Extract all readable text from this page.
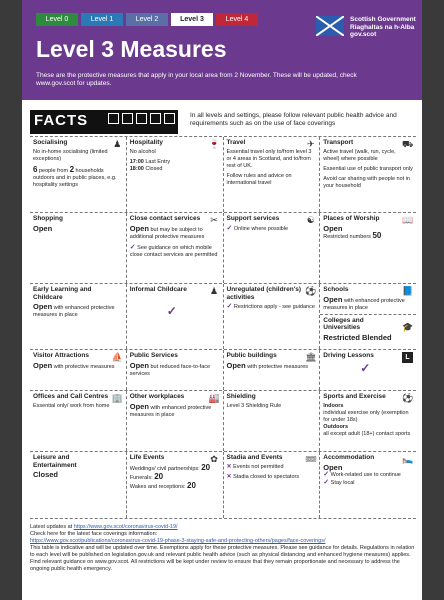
Level 0	Level 1	Level 2	Level 3	Level 4	Scottish Government
Riaghaltas na h-Alba
gov.scot
Level 3 Measures
These are the protective measures that apply in your local area from 2 November. These will be updated, check www.gov.scot for updates.
FACTS	In all levels and settings, please follow relevant public health advice and requirements such as on the use of face coverings
Socialising	♟
No in-home socialising (limited exceptions)
6 people from 2 households outdoors and in public places, e.g. hospitality settings
Hospitality	🍷
No alcohol
17:00 Last Entry
18:00 Closed
Travel	✈
Essential travel only to/from level 3 or 4 areas in Scotland, and to/from rest of UK.
Follow rules and advice on international travel
Transport	⛟
Active travel (walk, run, cycle, wheel) where possible
Essential use of public transport only
Avoid car sharing with people not in your household
Shopping
Open
Close contact services	✂
Open but may be subject to additional protective measures
✓ See guidance on which mobile close contact services are permitted
Support services	☯
✓ Online where possible
Places of Worship	📖
Open
Restricted numbers 50
Early Learning and Childcare
Open with enhanced protective measures in place
Informal Childcare	♟
✓
Unregulated (children's) activities
⚽
✓ Restrictions apply - see guidance
Schools	📘
Open with enhanced protective measures in place
Colleges and Universities	🎓
Restricted Blended
Visitor Attractions	⛵
Open with protective measures
Public Services
Open but reduced face-to-face services
Public buildings	🏛
Open with protective measures
Driving Lessons	L
✓
Offices and Call Centres 🏢
Essential only/ work from home
Other workplaces	🏭
Open with enhanced protective measures in place
Shielding
Level 3 Shielding Rule
Sports and Exercise	⚽
Indoors
individual exercise only (exemption for under 18s)
Outdoors
all except adult (18+) contact sports
Leisure and Entertainment
Closed
Life Events	✿
Weddings/ civil partnerships: 20
Funerals: 20
Wakes and receptions: 20
Stadia and Events	🎟
✕ Events not permitted
✕ Stadia closed to spectators
Accommodation	🛌
Open
✓ Work-related use to continue
✓ Stay local
Latest updates at https://www.gov.scot/coronavirus-covid-19/
Check here for the latest face coverings information:
https://www.gov.scot/publications/coronavirus-covid-19-phase-3-staying-safe-and-protecting-others/pages/face-coverings/
This table is indicative and will be updated over time. Exemptions apply for these protective measures. Please see guidance for details. Regulations in relation to each level will be published on legislation.gov.uk and relevant public health advice (such as physical distancing and enhanced hygiene measures) applies. Find relevant guidance on www.gov.scot. All restrictions will be kept under review to ensure that they remain proportionate and necessary to address the ongoing public health emergency.
